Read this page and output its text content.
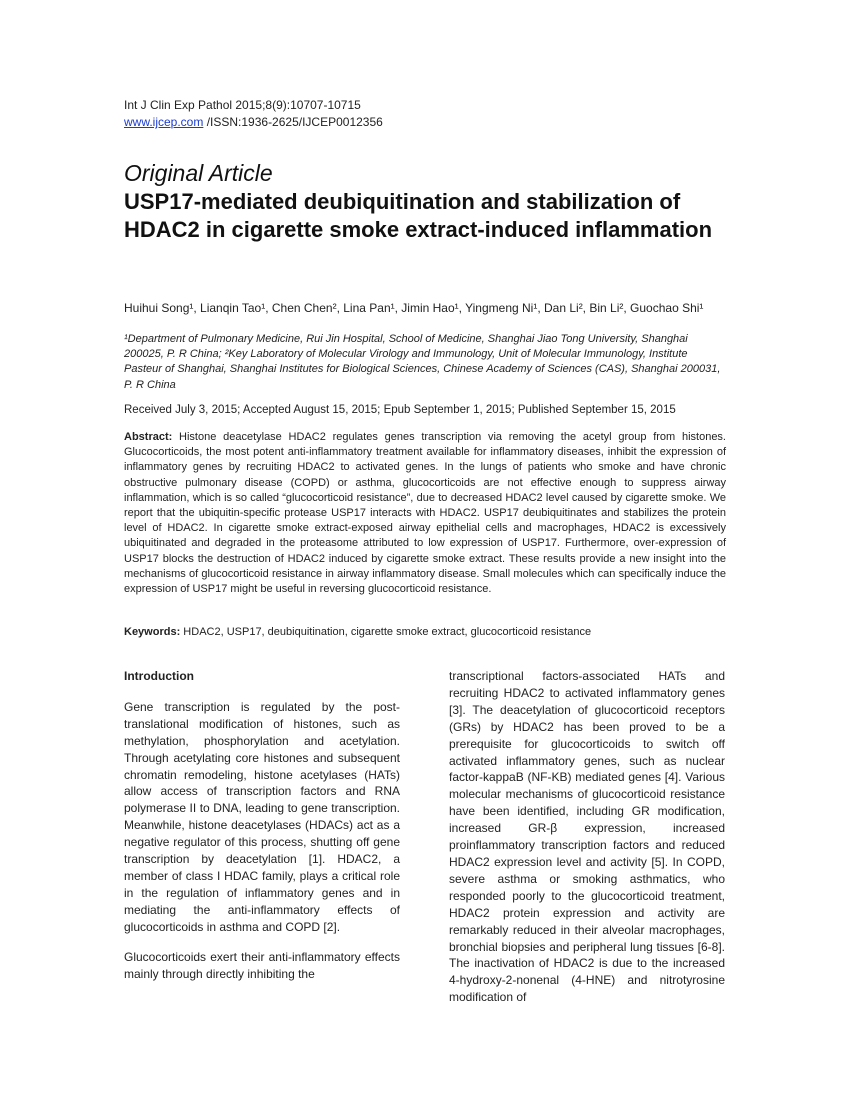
Int J Clin Exp Pathol 2015;8(9):10707-10715
www.ijcep.com /ISSN:1936-2625/IJCEP0012356
Original Article
USP17-mediated deubiquitination and stabilization of HDAC2 in cigarette smoke extract-induced inflammation
Huihui Song¹, Lianqin Tao¹, Chen Chen², Lina Pan¹, Jimin Hao¹, Yingmeng Ni¹, Dan Li², Bin Li², Guochao Shi¹
¹Department of Pulmonary Medicine, Rui Jin Hospital, School of Medicine, Shanghai Jiao Tong University, Shanghai 200025, P. R China; ²Key Laboratory of Molecular Virology and Immunology, Unit of Molecular Immunology, Institute Pasteur of Shanghai, Shanghai Institutes for Biological Sciences, Chinese Academy of Sciences (CAS), Shanghai 200031, P. R China
Received July 3, 2015; Accepted August 15, 2015; Epub September 1, 2015; Published September 15, 2015
Abstract: Histone deacetylase HDAC2 regulates genes transcription via removing the acetyl group from histones. Glucocorticoids, the most potent anti-inflammatory treatment available for inflammatory diseases, inhibit the expression of inflammatory genes by recruiting HDAC2 to activated genes. In the lungs of patients who smoke and have chronic obstructive pulmonary disease (COPD) or asthma, glucocorticoids are not effective enough to suppress airway inflammation, which is so called “glucocorticoid resistance”, due to decreased HDAC2 level caused by cigarette smoke. We report that the ubiquitin-specific protease USP17 interacts with HDAC2. USP17 deubiquitinates and stabilizes the protein level of HDAC2. In cigarette smoke extract-exposed airway epithelial cells and macrophages, HDAC2 is excessively ubiquitinated and degraded in the proteasome attributed to low expression of USP17. Furthermore, over-expression of USP17 blocks the destruction of HDAC2 induced by cigarette smoke extract. These results provide a new insight into the mechanisms of glucocorticoid resistance in airway inflammatory disease. Small molecules which can specifically induce the expression of USP17 might be useful in reversing glucocorticoid resistance.
Keywords: HDAC2, USP17, deubiquitination, cigarette smoke extract, glucocorticoid resistance
Introduction

Gene transcription is regulated by the post-translational modification of histones, such as methylation, phosphorylation and acetylation. Through acetylating core histones and subsequent chromatin remodeling, histone acetylases (HATs) allow access of transcription factors and RNA polymerase II to DNA, leading to gene transcription. Meanwhile, histone deacetylases (HDACs) act as a negative regulator of this process, shutting off gene transcription by deacetylation [1]. HDAC2, a member of class I HDAC family, plays a critical role in the regulation of inflammatory genes and in mediating the anti-inflammatory effects of glucocorticoids in asthma and COPD [2].

Glucocorticoids exert their anti-inflammatory effects mainly through directly inhibiting the

transcriptional factors-associated HATs and recruiting HDAC2 to activated inflammatory genes [3]. The deacetylation of glucocorticoid receptors (GRs) by HDAC2 has been proved to be a prerequisite for glucocorticoids to switch off activated inflammatory genes, such as nuclear factor-kappaB (NF-KB) mediated genes [4]. Various molecular mechanisms of glucocorticoid resistance have been identified, including GR modification, increased GR-β expression, increased proinflammatory transcription factors and reduced HDAC2 expression level and activity [5]. In COPD, severe asthma or smoking asthmatics, who responded poorly to the glucocorticoid treatment, HDAC2 protein expression and activity are remarkably reduced in their alveolar macrophages, bronchial biopsies and peripheral lung tissues [6-8]. The inactivation of HDAC2 is due to the increased 4-hydroxy-2-nonenal (4-HNE) and nitrotyrosine modification of
